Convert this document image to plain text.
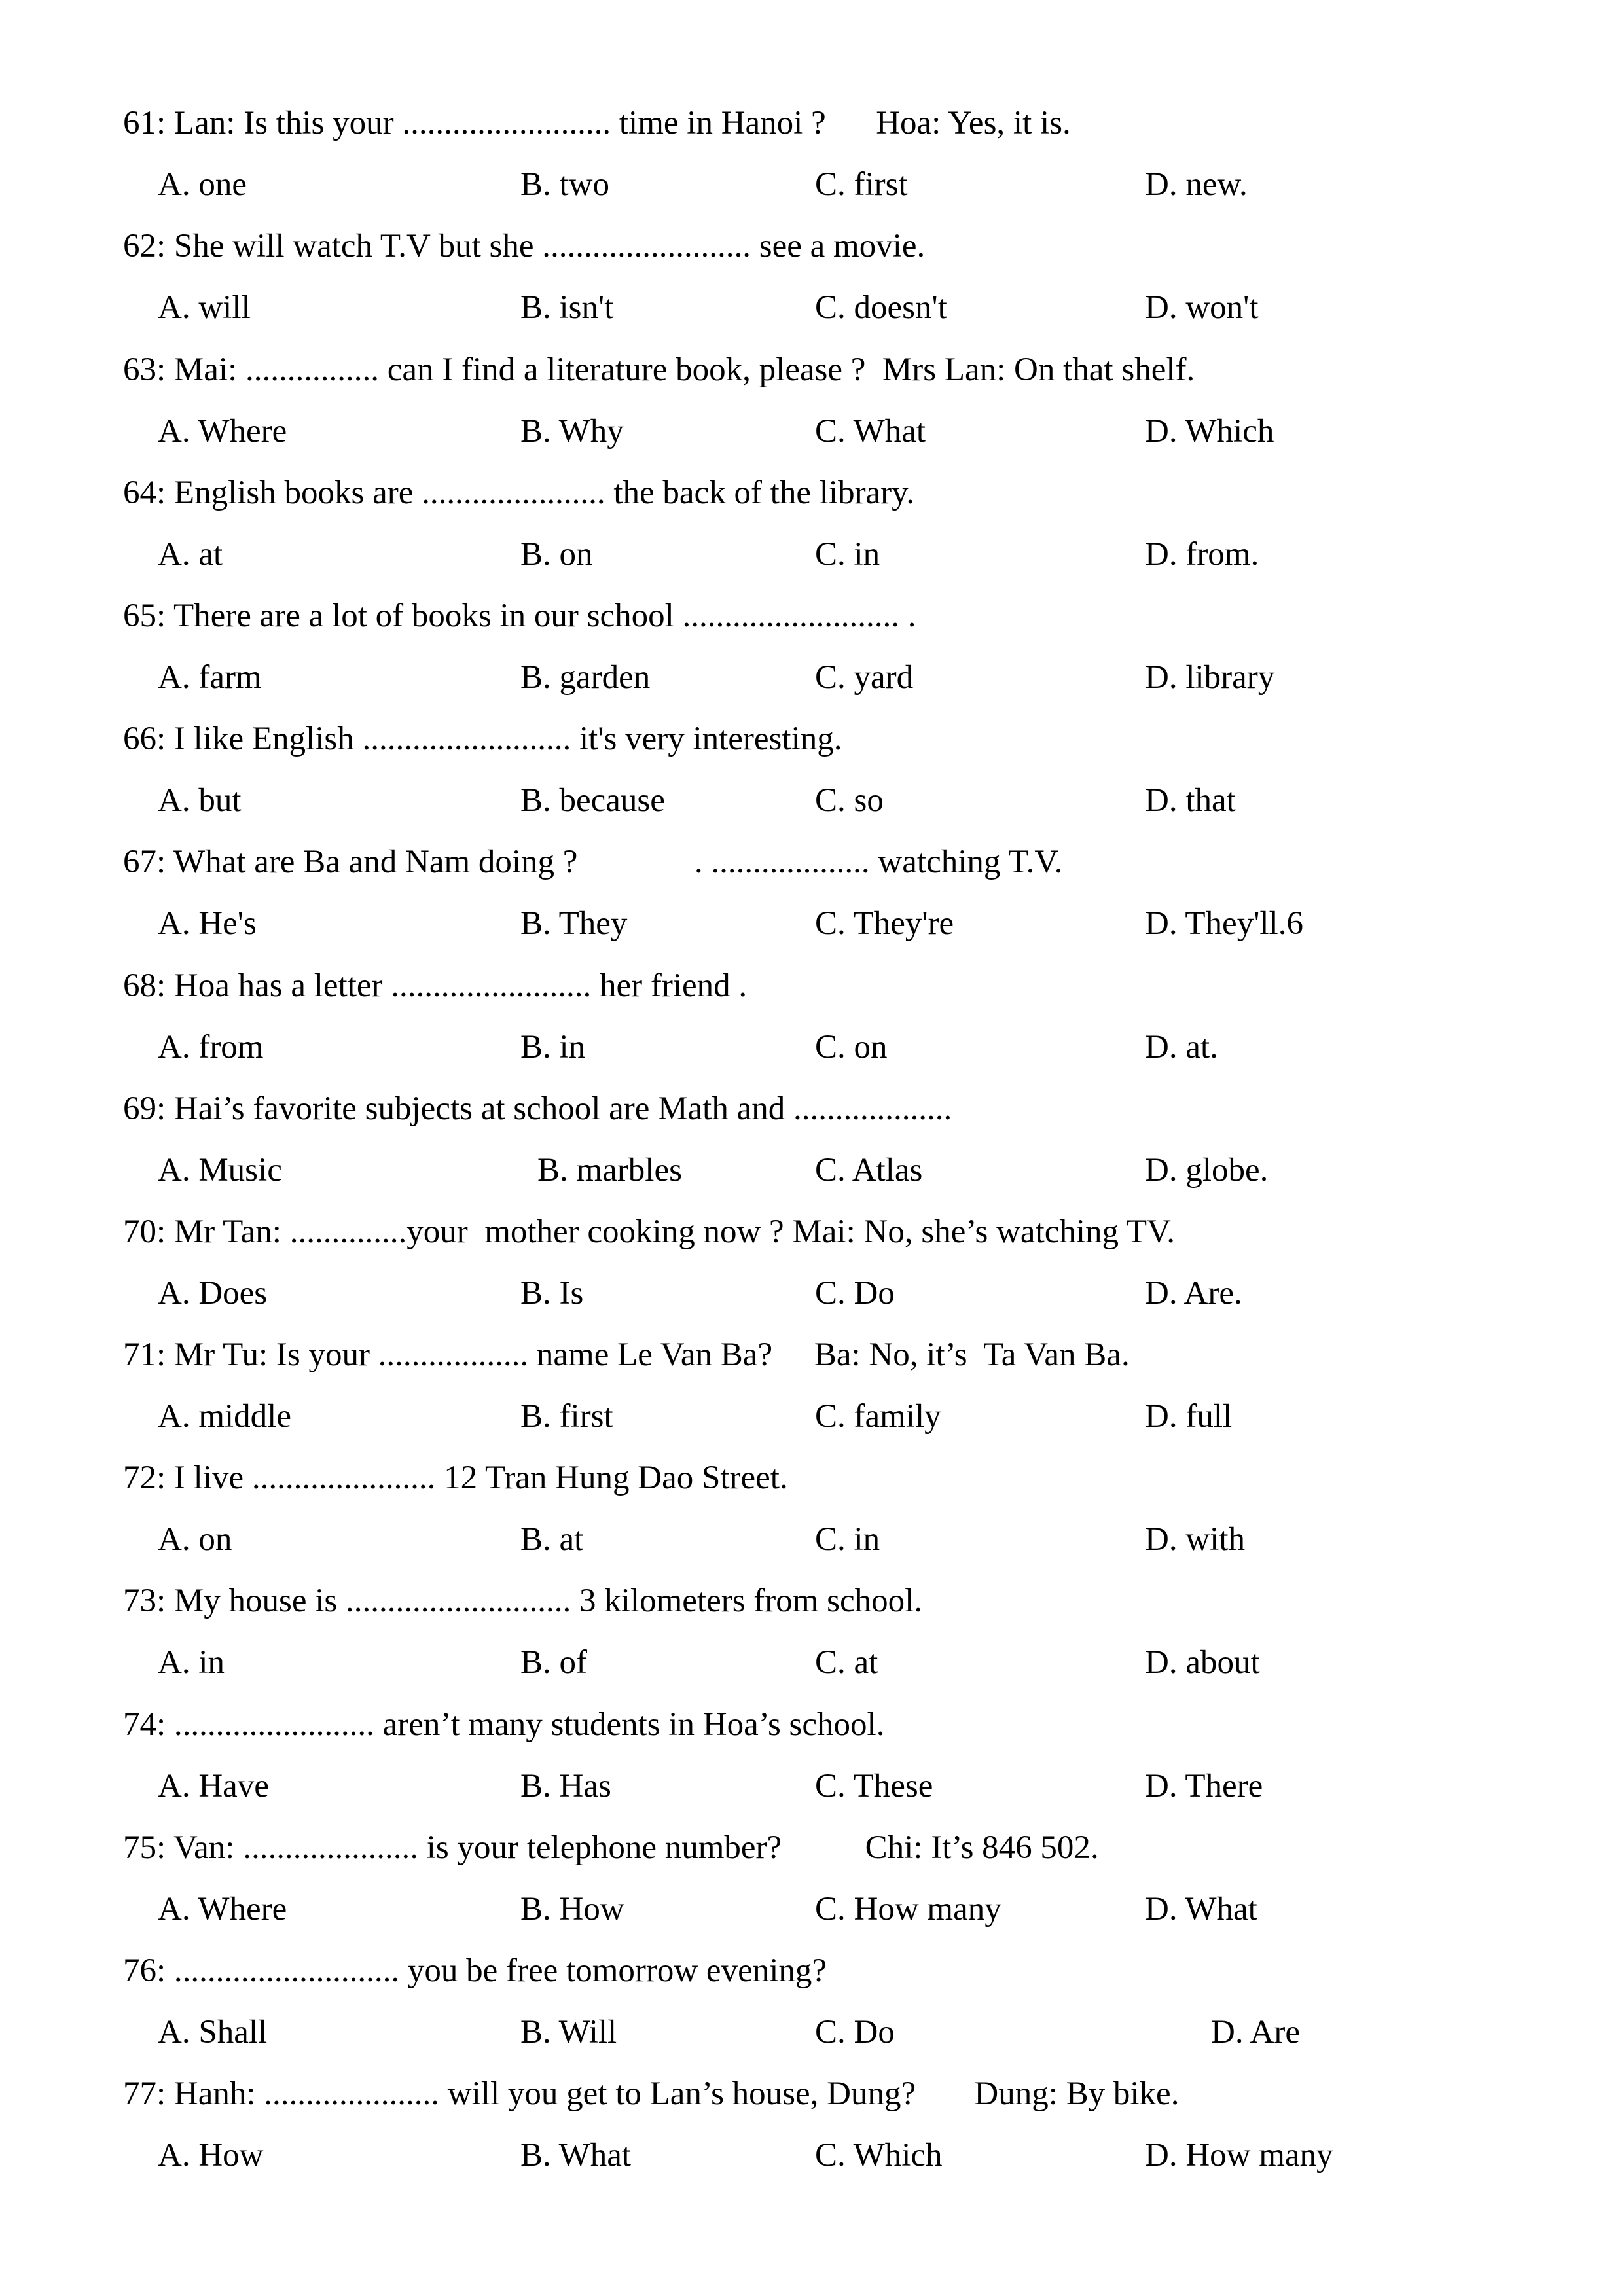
61: Lan: Is this your ......................... time in Hanoi ?      Hoa: Yes, it is.
A. one	B. two	C. first	D. new.
62: She will watch T.V but she ......................... see a movie.
A. will	B. isn't	C. doesn't	D. won't
63: Mai: ................ can I find a literature book, please ?  Mrs Lan: On that shelf.
A. Where	B. Why	C. What	D. Which
64: English books are ...................... the back of the library.
A. at	B. on	C. in	D. from.
65: There are a lot of books in our school .......................... .
A. farm	B. garden	C. yard	D. library
66: I like English ......................... it's very interesting.
A. but	B. because	C. so	D. that
67: What are Ba and Nam doing ?              . ................... watching T.V.
A. He's	B. They	C. They're	D. They'll.6
68: Hoa has a letter ........................ her friend .
A. from	B. in	C. on	D. at.
69: Hai’s favorite subjects at school are Math and ...................
A. Music	B. marbles	C. Atlas	D. globe.
70: Mr Tan: ..............your  mother cooking now ? Mai: No, she’s watching TV.
A. Does	B. Is	C. Do	D. Are.
71: Mr Tu: Is your .................. name Le Van Ba?     Ba: No, it’s  Ta Van Ba.
A. middle	B. first	C. family	D. full
72: I live ...................... 12 Tran Hung Dao Street.
A. on	B. at	C. in	D. with
73: My house is ........................... 3 kilometers from school.
A. in	B. of	C. at	D. about
74: ........................ aren’t many students in Hoa’s school.
A. Have	B. Has	C. These	D. There
75: Van: ..................... is your telephone number?          Chi: It’s 846 502.
A. Where	B. How	C. How many	D. What
76: ........................... you be free tomorrow evening?
A. Shall	B. Will	C. Do	D. Are
77: Hanh: ..................... will you get to Lan’s house, Dung?       Dung: By bike.
A. How	B. What	C. Which	D. How many
